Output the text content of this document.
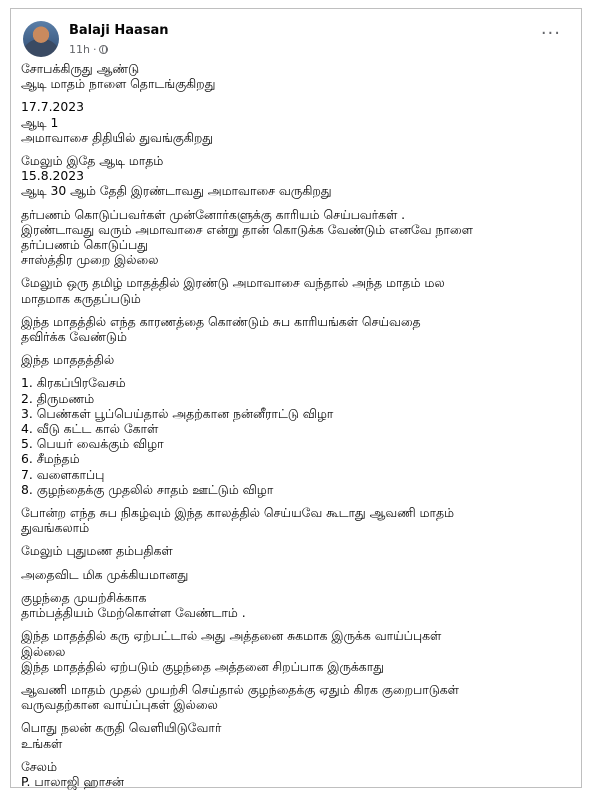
Balaji Haasan
11h ·
···
சோபக்கிருது ஆண்டு
ஆடி மாதம் நாளை தொடங்குகிறது
17.7.2023
ஆடி 1
அமாவாசை திதியில் துவங்குகிறது
மேலும் இதே ஆடி மாதம்
15.8.2023
ஆடி 30 ஆம் தேதி இரண்டாவது அமாவாசை வருகிறது
தர்பணம் கொடுப்பவர்கள் முன்னோர்களுக்கு காரியம் செய்பவர்கள் .
இரண்டாவது வரும் அமாவாசை என்று தான் கொடுக்க வேண்டும் எனவே நாளை
தர்ப்பணம் கொடுப்பது
சாஸ்த்திர முறை இல்லை
மேலும் ஒரு தமிழ் மாதத்தில் இரண்டு அமாவாசை வந்தால் அந்த மாதம் மல
மாதமாக கருதப்படும்
இந்த மாதத்தில் எந்த காரணத்தை கொண்டும் சுப காரியங்கள் செய்வதை
தவிர்க்க வேண்டும்
இந்த மாததத்தில்
1. கிரகப்பிரவேசம்
2. திருமணம்
3. பெண்கள் பூப்பெய்தால் அதற்கான நன்னீராட்டு விழா
4. வீடு கட்ட கால் கோள்
5. பெயர் வைக்கும் விழா
6. சீமந்தம்
7. வளைகாப்பு
8. குழந்தைக்கு முதலில் சாதம் ஊட்டும் விழா
போன்ற எந்த சுப நிகழ்வும் இந்த காலத்தில் செய்யவே கூடாது ஆவணி மாதம்
துவங்கலாம்
மேலும் புதுமண தம்பதிகள்
அதைவிட மிக முக்கியமானது
குழந்தை முயற்சிக்காக
தாம்பத்தியம் மேற்கொள்ள வேண்டாம் .
இந்த மாதத்தில் கரு ஏற்பட்டால் அது அத்தனை சுகமாக இருக்க வாய்ப்புகள்
இல்லை
இந்த மாதத்தில் ஏற்படும் குழந்தை அத்தனை சிறப்பாக இருக்காது
ஆவணி மாதம் முதல் முயற்சி செய்தால் குழந்தைக்கு ஏதும் கிரக குறைபாடுகள்
வருவதற்கான வாய்ப்புகள் இல்லை
பொது நலன் கருதி வெளியிடுவோர்
உங்கள்
சேலம்
P. பாலாஜி ஹாசன்
